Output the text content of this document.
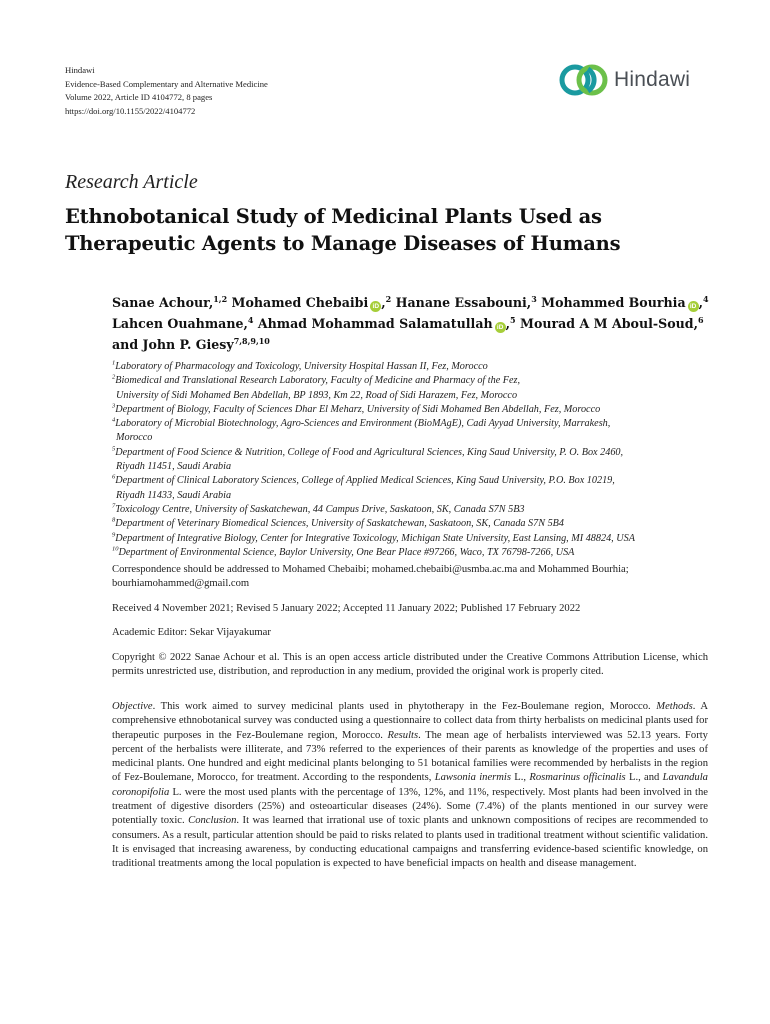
Hindawi
Evidence-Based Complementary and Alternative Medicine
Volume 2022, Article ID 4104772, 8 pages
https://doi.org/10.1155/2022/4104772
Hindawi
Research Article
Ethnobotanical Study of Medicinal Plants Used as Therapeutic Agents to Manage Diseases of Humans
Sanae Achour,$^{1,2}$ Mohamed Chebaibi iD ,$^2$ Hanane Essabouni,$^3$ Mohammed Bourhia iD ,$^4$
Lahcen Ouahmane,$^4$ Ahmad Mohammad Salamatullah iD ,$^5$ Mourad A M Aboul-Soud,$^6$
and John P. Giesy$^{7,8,9,10}$
$^1$Laboratory of Pharmacology and Toxicology, University Hospital Hassan II, Fez, Morocco
$^2$Biomedical and Translational Research Laboratory, Faculty of Medicine and Pharmacy of the Fez,
University of Sidi Mohamed Ben Abdellah, BP 1893, Km 22, Road of Sidi Harazem, Fez, Morocco
$^3$Department of Biology, Faculty of Sciences Dhar El Meharz, University of Sidi Mohamed Ben Abdellah, Fez, Morocco
$^4$Laboratory of Microbial Biotechnology, Agro-Sciences and Environment (BioMAgE), Cadi Ayyad University, Marrakesh,
Morocco
$^5$Department of Food Science & Nutrition, College of Food and Agricultural Sciences, King Saud University, P. O. Box 2460,
Riyadh 11451, Saudi Arabia
$^6$Department of Clinical Laboratory Sciences, College of Applied Medical Sciences, King Saud University, P.O. Box 10219,
Riyadh 11433, Saudi Arabia
$^7$Toxicology Centre, University of Saskatchewan, 44 Campus Drive, Saskatoon, SK, Canada S7N 5B3
$^8$Department of Veterinary Biomedical Sciences, University of Saskatchewan, Saskatoon, SK, Canada S7N 5B4
$^9$Department of Integrative Biology, Center for Integrative Toxicology, Michigan State University, East Lansing, MI 48824, USA
$^{10}$Department of Environmental Science, Baylor University, One Bear Place #97266, Waco, TX 76798-7266, USA
Correspondence should be addressed to Mohamed Chebaibi; mohamed.chebaibi@usmba.ac.ma and Mohammed Bourhia; bourhiamohammed@gmail.com
Received 4 November 2021; Revised 5 January 2022; Accepted 11 January 2022; Published 17 February 2022
Academic Editor: Sekar Vijayakumar
Copyright © 2022 Sanae Achour et al. This is an open access article distributed under the Creative Commons Attribution License, which permits unrestricted use, distribution, and reproduction in any medium, provided the original work is properly cited.
Objective. This work aimed to survey medicinal plants used in phytotherapy in the Fez-Boulemane region, Morocco. Methods. A comprehensive ethnobotanical survey was conducted using a questionnaire to collect data from thirty herbalists on medicinal plants used for therapeutic purposes in the Fez-Boulemane region, Morocco. Results. The mean age of herbalists interviewed was 52.13 years. Forty percent of the herbalists were illiterate, and 73% referred to the experiences of their parents as knowledge of the properties and uses of medicinal plants. One hundred and eight medicinal plants belonging to 51 botanical families were recommended by herbalists in the region of Fez-Boulemane, Morocco, for treatment. According to the respondents, Lawsonia inermis L., Rosmarinus officinalis L., and Lavandula coronopifolia L. were the most used plants with the percentage of 13%, 12%, and 11%, respectively. Most plants had been involved in the treatment of digestive disorders (25%) and osteoarticular diseases (24%). Some (7.4%) of the plants mentioned in our survey were potentially toxic. Conclusion. It was learned that irrational use of toxic plants and unknown compositions of recipes are recommended to consumers. As a result, particular attention should be paid to risks related to plants used in traditional treatment without scientific validation. It is envisaged that increasing awareness, by conducting educational campaigns and transferring evidence-based scientific knowledge, on traditional treatments among the local population is expected to have beneficial impacts on health and disease management.
